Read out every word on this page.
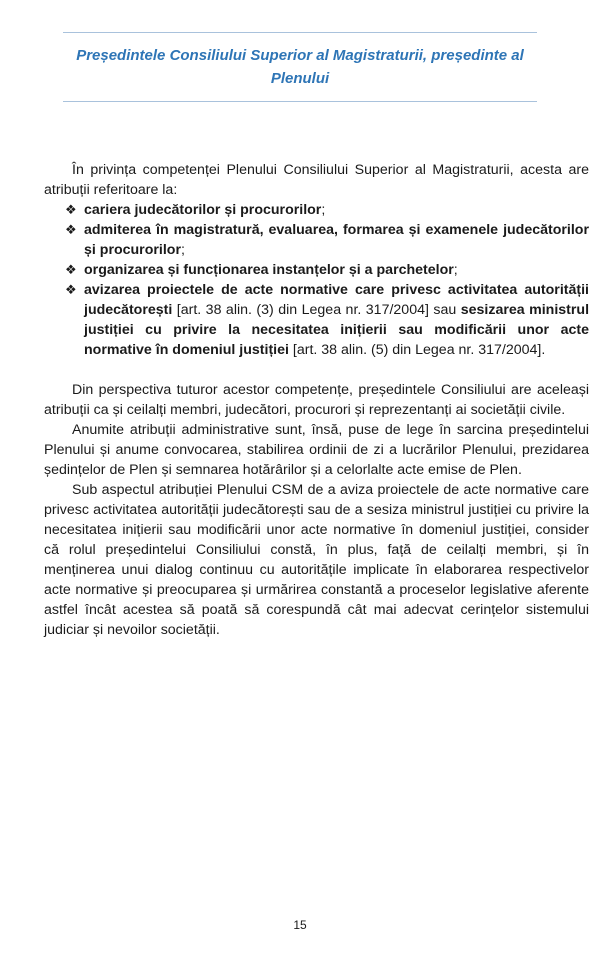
Președintele Consiliului Superior al Magistraturii, președinte al Plenului

În privința competenței Plenului Consiliului Superior al Magistraturii, acesta are atribuții referitoare la:

❖ cariera judecătorilor și procurorilor;
❖ admiterea în magistratură, evaluarea, formarea și examenele judecătorilor și procurorilor;
❖ organizarea și funcționarea instanțelor și a parchetelor;
❖ avizarea proiectele de acte normative care privesc activitatea autorității judecătorești [art. 38 alin. (3) din Legea nr. 317/2004] sau sesizarea ministrul justiției cu privire la necesitatea inițierii sau modificării unor acte normative în domeniul justiției [art. 38 alin. (5) din Legea nr. 317/2004].

Din perspectiva tuturor acestor competențe, președintele Consiliului are aceleași atribuții ca și ceilalți membri, judecători, procurori și reprezentanți ai societății civile.

Anumite atribuții administrative sunt, însă, puse de lege în sarcina președintelui Plenului și anume convocarea, stabilirea ordinii de zi a lucrărilor Plenului, prezidarea ședințelor de Plen și semnarea hotărârilor și a celorlalte acte emise de Plen.

Sub aspectul atribuției Plenului CSM de a aviza proiectele de acte normative care privesc activitatea autorității judecătorești sau de a sesiza ministrul justiției cu privire la necesitatea inițierii sau modificării unor acte normative în domeniul justiției, consider că rolul președintelui Consiliului constă, în plus, față de ceilalți membri, și în menținerea unui dialog continuu cu autoritățile implicate în elaborarea respectivelor acte normative și preocuparea și urmărirea constantă a proceselor legislative aferente astfel încât acestea să poată să corespundă cât mai adecvat cerințelor sistemului judiciar și nevoilor societății.

15
